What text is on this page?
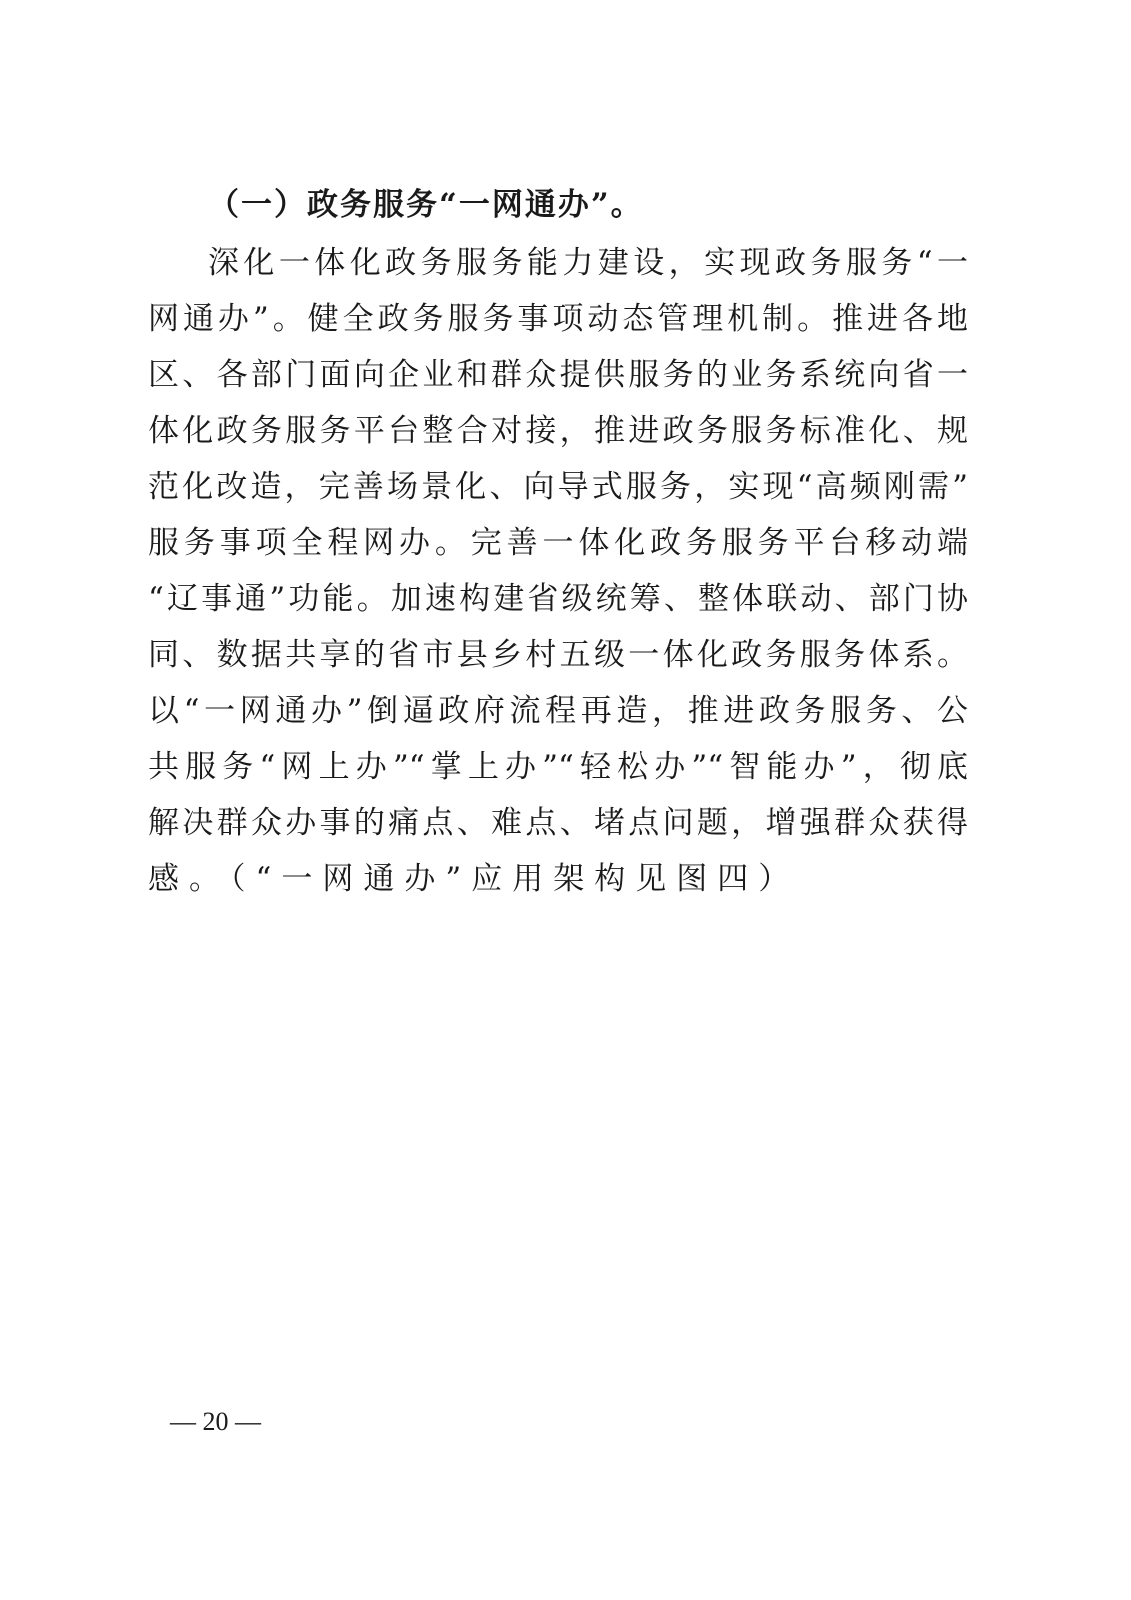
（一）政务服务“一网通办”。
深化一体化政务服务能力建设，实现政务服务“一
网通办”。健全政务服务事项动态管理机制。推进各地
区、各部门面向企业和群众提供服务的业务系统向省一
体化政务服务平台整合对接，推进政务服务标准化、规
范化改造，完善场景化、向导式服务，实现“高频刚需”
服务事项全程网办。完善一体化政务服务平台移动端
“辽事通”功能。加速构建省级统筹、整体联动、部门协
同、数据共享的省市县乡村五级一体化政务服务体系。
以“一网通办”倒逼政府流程再造，推进政务服务、公
共服务“网上办”“掌上办”“轻松办”“智能办”，彻底
解决群众办事的痛点、难点、堵点问题，增强群众获得
感。（“一网通办”应用架构见图四）
— 20 —
